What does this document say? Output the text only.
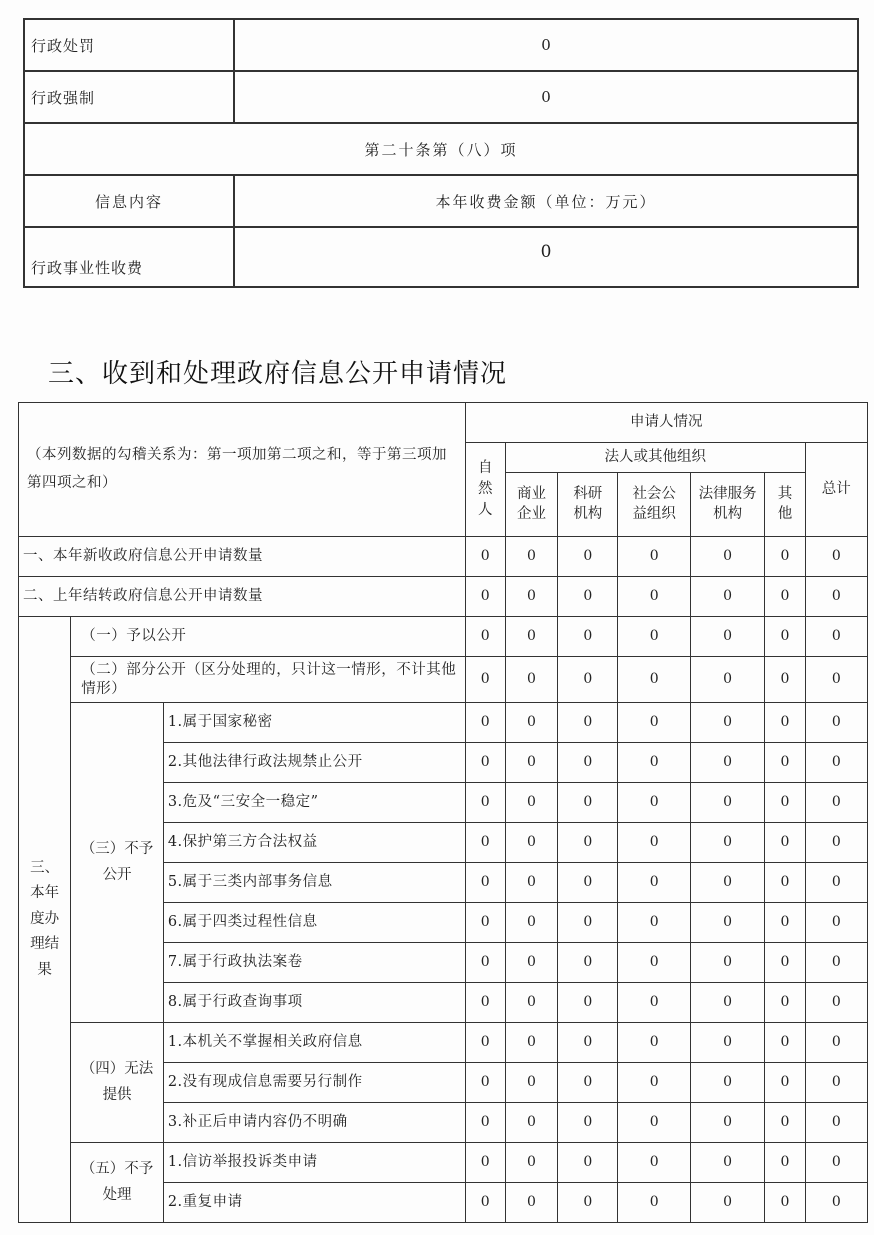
行政处罚	0
行政强制	0
第二十条第（八）项	
信息内容	本年收费金额（单位：万元）
行政事业性收费	0
三、收到和处理政府信息公开申请情况
（本列数据的勾稽关系为：第一项加第二项之和，等于第三项加第四项之和）			申请人情况						
			自然人	法人或其他组织					总计
				商业企业	科研机构	社会公益组织	法律服务机构	其他	
一、本年新收政府信息公开申请数量			0	0	0	0	0	0	0
二、上年结转政府信息公开申请数量			0	0	0	0	0	0	0
三、本年度办理结果	（一）予以公开		0	0	0	0	0	0	0
	（二）部分公开（区分处理的，只计这一情形，不计其他情形）		0	0	0	0	0	0	0
	（三）不予公开	1.属于国家秘密	0	0	0	0	0	0	0
		2.其他法律行政法规禁止公开	0	0	0	0	0	0	0
		3.危及“三安全一稳定”	0	0	0	0	0	0	0
		4.保护第三方合法权益	0	0	0	0	0	0	0
		5.属于三类内部事务信息	0	0	0	0	0	0	0
		6.属于四类过程性信息	0	0	0	0	0	0	0
		7.属于行政执法案卷	0	0	0	0	0	0	0
		8.属于行政查询事项	0	0	0	0	0	0	0
	（四）无法提供	1.本机关不掌握相关政府信息	0	0	0	0	0	0	0
		2.没有现成信息需要另行制作	0	0	0	0	0	0	0
		3.补正后申请内容仍不明确	0	0	0	0	0	0	0
	（五）不予处理	1.信访举报投诉类申请	0	0	0	0	0	0	0
		2.重复申请	0	0	0	0	0	0	0
